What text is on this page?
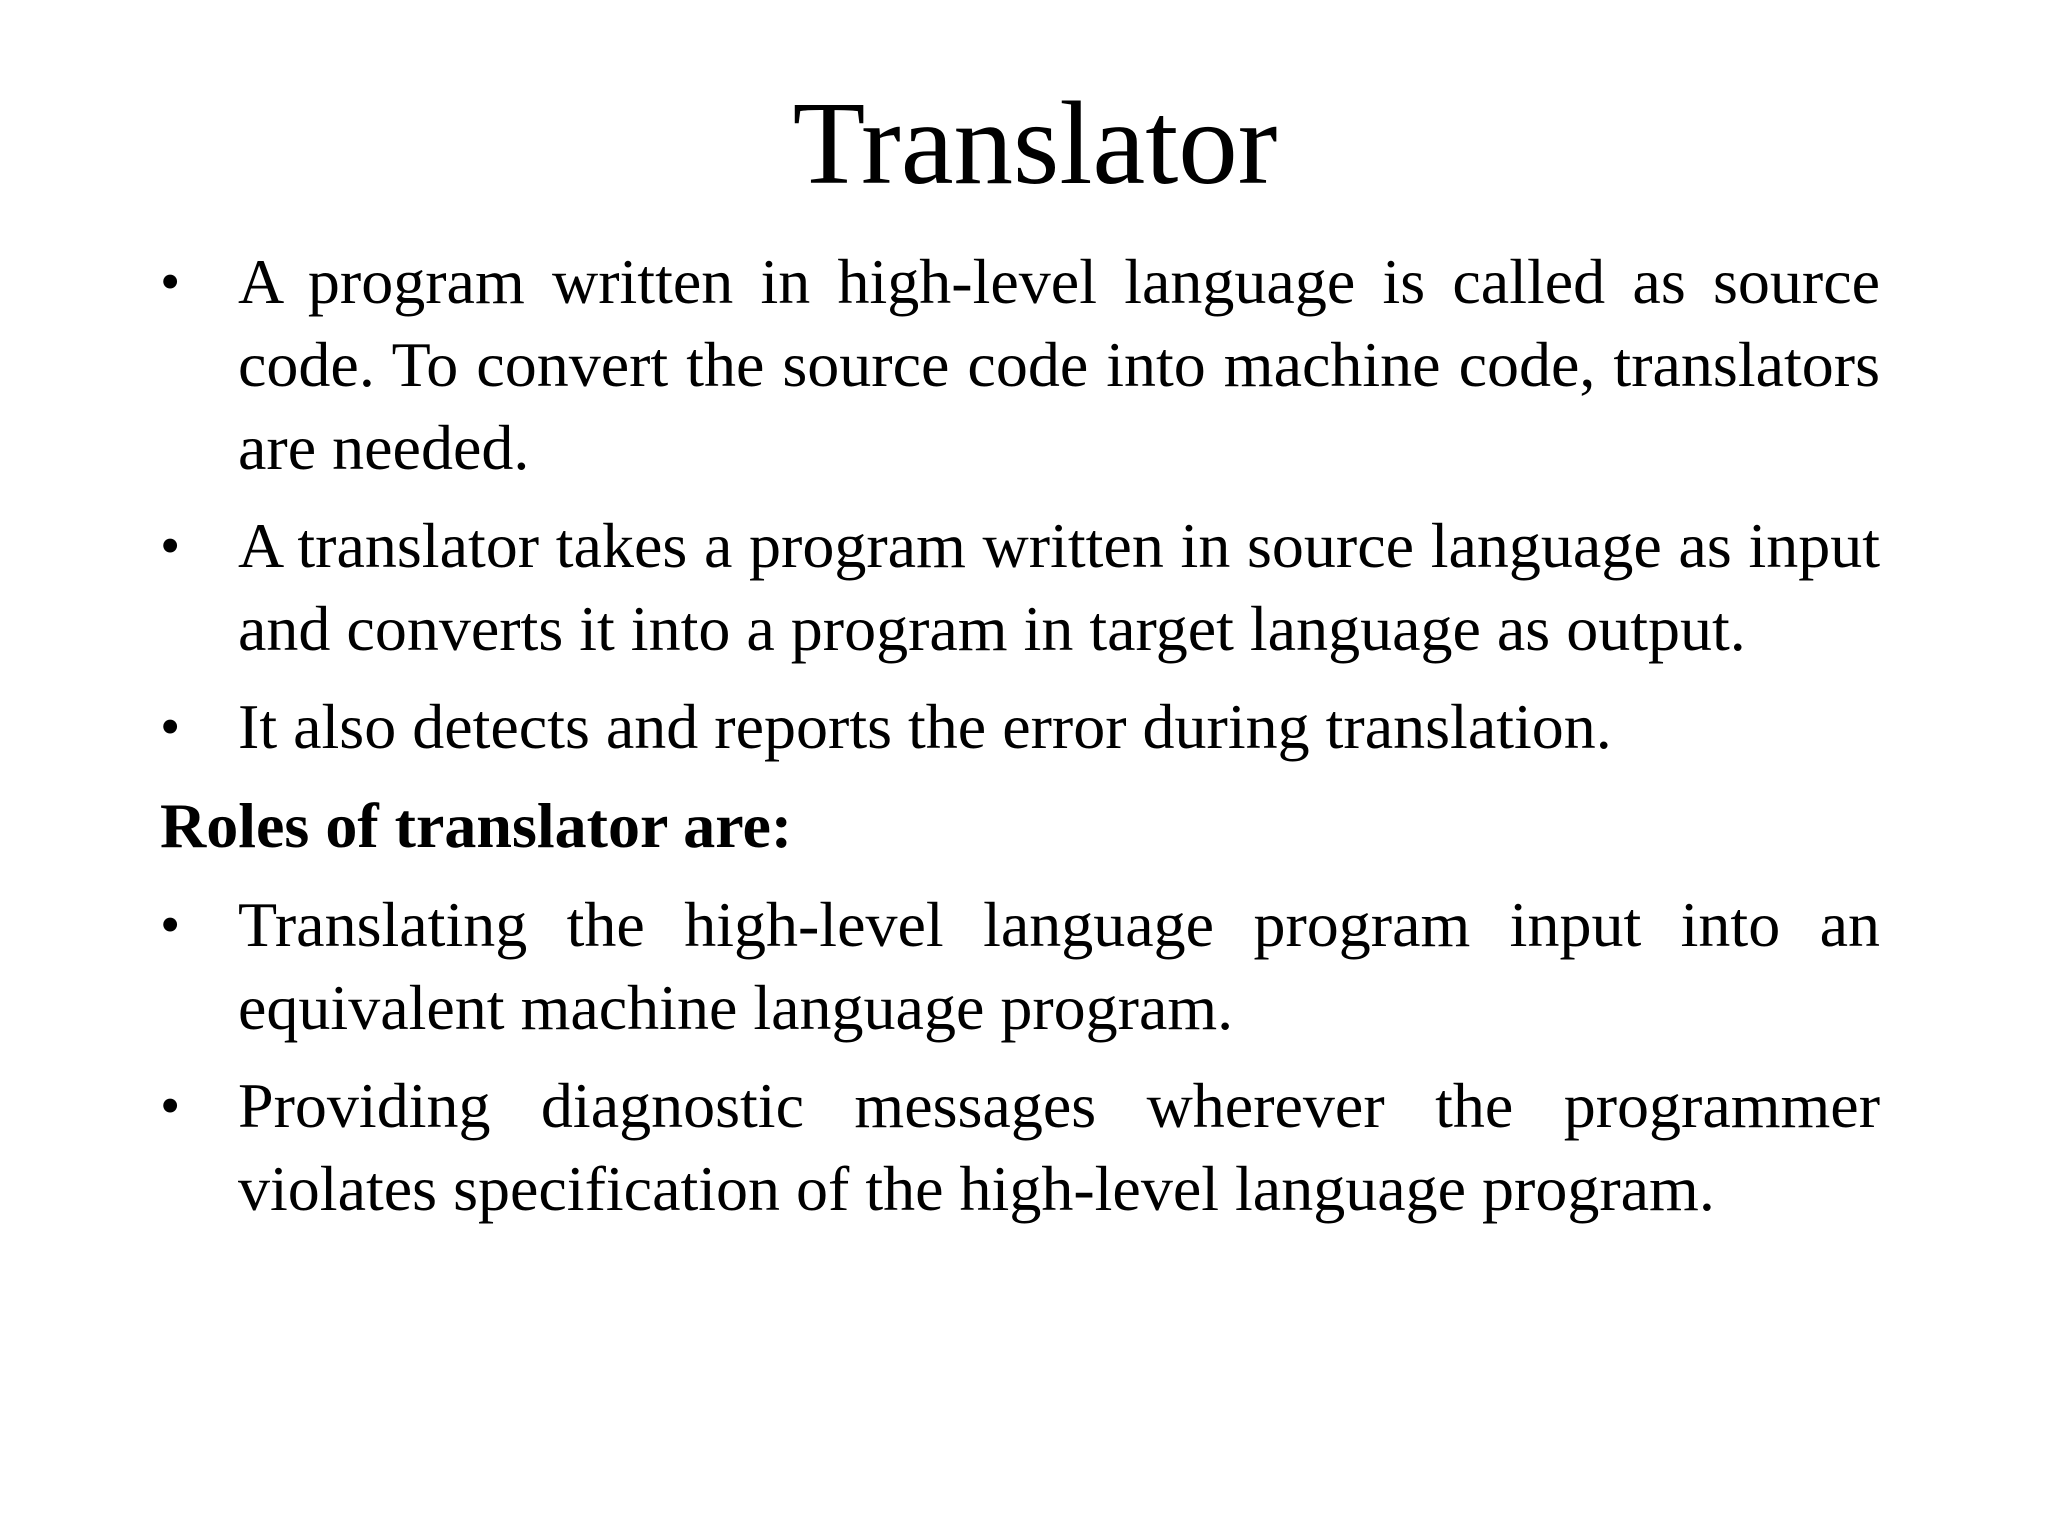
Translator
• A program written in high-level language is called as source code. To convert the source code into machine code, translators are needed.
• A translator takes a program written in source language as input and converts it into a program in target language as output.
• It also detects and reports the error during translation.
Roles of translator are:
• Translating the high-level language program input into an equivalent machine language program.
• Providing diagnostic messages wherever the programmer violates specification of the high-level language program.
